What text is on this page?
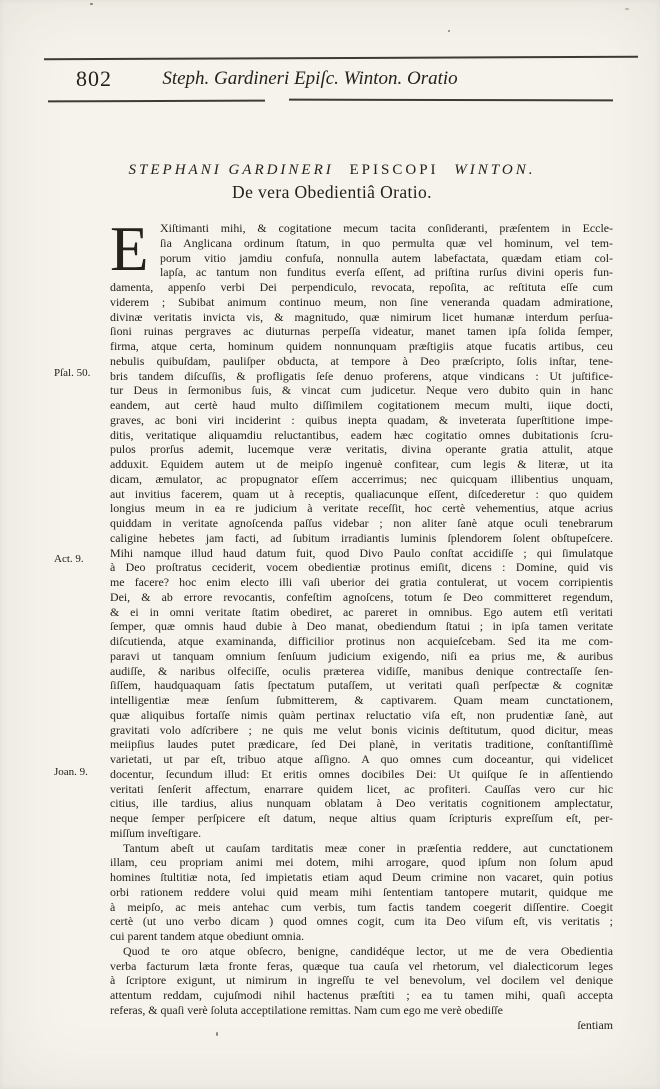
802	Steph. Gardineri Epiſc. Winton. Oratio
STEPHANI GARDINERI EPISCOPI WINTON.
De vera Obedientiâ Oratio.
Pſal. 50.
Act. 9.
Joan. 9.
E Xiſtimanti mihi, & cogitatione mecum tacita conſideranti, præſentem in Eccle-
ſia Anglicana ordinum ſtatum, in quo permulta quæ vel hominum, vel tem-
porum vitio jamdiu confuſa, nonnulla autem labefactata, quædam etiam col-
lapſa, ac tantum non funditus everſa eſſent, ad priſtina rurſus divini operis fun-
damenta, appenſo verbi Dei perpendiculo, revocata, repoſita, ac reſtituta eſſe cum
viderem ; Subibat animum continuo meum, non ſine veneranda quadam admiratione,
divinæ veritatis invicta vis, & magnitudo, quæ nimirum licet humanæ interdum perſua-
ſioni ruinas pergraves ac diuturnas perpeſſa videatur, manet tamen ipſa ſolida ſemper,
firma, atque certa, hominum quidem nonnunquam præſtigiis atque fucatis artibus, ceu
nebulis quibuſdam, pauliſper obducta, at tempore à Deo præſcripto, ſolis inſtar, tene-
bris tandem diſcuſſis, & profligatis ſeſe denuo proferens, atque vindicans : Ut juſtifice-
tur Deus in ſermonibus ſuis, & vincat cum judicetur. Neque vero dubito quin in hanc
eandem, aut certè haud multo diſſimilem cogitationem mecum multi, iique docti,
graves, ac boni viri inciderint : quibus inepta quadam, & inveterata ſuperſtitione impe-
ditis, veritatique aliquamdiu reluctantibus, eadem hæc cogitatio omnes dubitationis ſcru-
pulos prorſus ademit, lucemque veræ veritatis, divina operante gratia attulit, atque
adduxit. Equidem autem ut de meipſo ingenuè confitear, cum legis & literæ, ut ita
dicam, æmulator, ac propugnator eſſem accerrimus; nec quicquam illibentius unquam,
aut invitius facerem, quam ut à receptis, qualiacunque eſſent, diſcederetur : quo quidem
longius meum in ea re judicium à veritate receſſit, hoc certè vehementius, atque acrius
quiddam in veritate agnoſcenda paſſus videbar ; non aliter ſanè atque oculi tenebrarum
caligine hebetes jam facti, ad ſubitum irradiantis luminis ſplendorem ſolent obſtupeſcere.
Mihi namque illud haud datum fuit, quod Divo Paulo conſtat accidiſſe ; qui ſimulatque
à Deo proſtratus ceciderit, vocem obedientiæ protinus emiſit, dicens : Domine, quid vis
me facere? hoc enim electo illi vaſi uberior dei gratia contulerat, ut vocem corripientis
Dei, & ab errore revocantis, confeſtim agnoſcens, totum ſe Deo committeret regendum,
& ei in omni veritate ſtatim obediret, ac pareret in omnibus. Ego autem etſi veritati
ſemper, quæ omnis haud dubie à Deo manat, obediendum ſtatui ; in ipſa tamen veritate
diſcutienda, atque examinanda, difficilior protinus non acquieſcebam. Sed ita me com-
paravi ut tanquam omnium ſenſuum judicium exigendo, niſi ea prius me, & auribus
audiſſe, & naribus olfeciſſe, oculis præterea vidiſſe, manibus denique contrectaſſe ſen-
ſiſſem, haudquaquam ſatis ſpectatum putaſſem, ut veritati quaſi perſpectæ & cognitæ
intelligentiæ meæ ſenſum ſubmitterem, & captivarem. Quam meam cunctationem,
quæ aliquibus fortaſſe nimis quàm pertinax reluctatio viſa eſt, non prudentiæ ſanè, aut
gravitati volo adſcribere ; ne quis me velut bonis vicinis deſtitutum, quod dicitur, meas
meiipſius laudes putet prædicare, ſed Dei planè, in veritatis traditione, conſtantiſſimè
varietati, ut par eſt, tribuo atque aſſigno. A quo omnes cum doceantur, qui videlicet
docentur, ſecundum illud: Et eritis omnes docibiles Dei: Ut quiſque ſe in aſſentiendo
veritati ſenſerit affectum, enarrare quidem licet, ac profiteri. Cauſſas vero cur hic
citius, ille tardius, alius nunquam oblatam à Deo veritatis cognitionem amplectatur,
neque ſemper perſpicere eſt datum, neque altius quam ſcripturis expreſſum eſt, per-
miſſum inveſtigare.
Tantum abeſt ut cauſam tarditatis meæ coner in præſentia reddere, aut cunctationem
illam, ceu propriam animi mei dotem, mihi arrogare, quod ipſum non ſolum apud
homines ſtultitiæ nota, ſed impietatis etiam aqud Deum crimine non vacaret, quin potius
orbi rationem reddere volui quid meam mihi ſententiam tantopere mutarit, quidque me
à meipſo, ac meis antehac cum verbis, tum factis tandem coegerit diſſentire. Coegit
certè (ut uno verbo dicam ) quod omnes cogit, cum ita Deo viſum eſt, vis veritatis ;
cui parent tandem atque obediunt omnia.
Quod te oro atque obſecro, benigne, candidéque lector, ut me de vera Obedientia
verba facturum læta fronte feras, quæque tua cauſa vel rhetorum, vel dialecticorum leges
à ſcriptore exigunt, ut nimirum in ingreſſu te vel benevolum, vel docilem vel denique
attentum reddam, cujuſmodi nihil hactenus præſtiti ; ea tu tamen mihi, quaſi accepta
referas, & quaſi verè ſoluta acceptilatione remittas. Nam cum ego me verè obediſſe
ſentiam
